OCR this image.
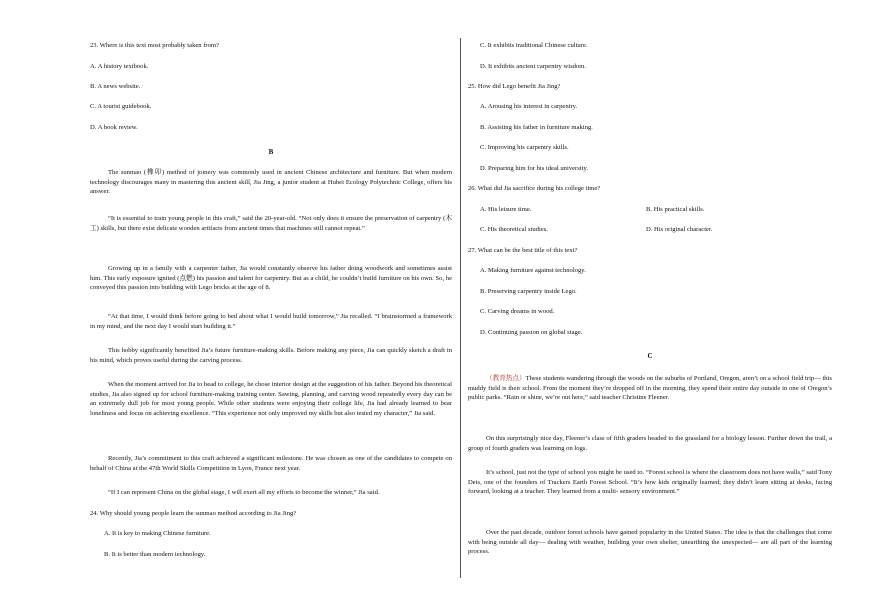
23. Where is this text most probably taken from?
A. A history textbook.
B. A news website.
C. A tourist guidebook.
D. A book review.
B
The sunmao (榫卯) method of joinery was commonly used in ancient Chinese architecture and furniture. But when modern technology discourages many in mastering this ancient skill, Jia Jing, a junior student at Hubei Ecology Polytechnic College, offers his answer.
“It is essential to train young people in this craft,” said the 20-year-old. “Not only does it ensure the preservation of carpentry (木工) skills, but there exist delicate wooden artifacts from ancient times that machines still cannot repeat.”
Growing up in a family with a carpenter father, Jia would constantly observe his father doing woodwork and sometimes assist him. This early exposure ignited (点燃) his passion and talent for carpentry. But as a child, he couldn’t build furniture on his own. So, he conveyed this passion into building with Lego bricks at the age of 8.
“At that time, I would think before going to bed about what I would build tomorrow,” Jia recalled. “I brainstormed a framework in my mind, and the next day I would start building it.”
This hobby significantly benefited Jia’s future furniture-making skills. Before making any piece, Jia can quickly sketch a draft in his mind, which proves useful during the carving process.
When the moment arrived for Jia to head to college, he chose interior design at the suggestion of his father. Beyond his theoretical studies, Jia also signed up for school furniture-making training center. Sawing, planning, and carving wood repeatedly every day can be an extremely dull job for most young people. While other students were enjoying their college life, Jia had already learned to bear loneliness and focus on achieving excellence. “This experience not only improved my skills but also tested my character,” Jia said.
Recently, Jia’s commitment to this craft achieved a significant milestone. He was chosen as one of the candidates to compete on behalf of China at the 47th World Skills Competition in Lyon, France next year.
“If I can represent China on the global stage, I will exert all my efforts to become the winner,” Jia said.
24. Why should young people learn the sunmao method according to Jia Jing?
A. It is key to making Chinese furniture.
B. It is better than modern technology.
C. It exhibits traditional Chinese culture.
D. It exhibits ancient carpentry wisdom.
25. How did Lego benefit Jia Jing?
A. Arousing his interest in carpentry.
B. Assisting his father in furniture making.
C. Improving his carpentry skills.
D. Preparing him for his ideal university.
26. What did Jia sacrifice during his college time?
A. His leisure time.	B. His practical skills.
C. His theoretical studies.	D. His original character.
27. What can be the best title of this text?
A. Making furniture against technology.
B. Preserving carpentry inside Lego.
C. Carving dreams in wood.
D. Continuing passion on global stage.
C
（教育热点）These students wandering through the woods on the suburbs of Portland, Oregon, aren’t on a school field trip— this muddy field is their school. From the moment they’re dropped off in the morning, they spend their entire day outside in one of Oregon’s public parks. “Rain or shine, we’re out here,” said teacher Christine Fleener.
On this surprisingly nice day, Fleener’s class of fifth graders headed to the grassland for a biology lesson. Further down the trail, a group of fourth graders was learning on logs.
It’s school, just not the type of school you might be used to. “Forest school is where the classroom does not have walls,” said Tony Deis, one of the founders of Trackers Earth Forest School. “It’s how kids originally learned; they didn’t learn sitting at desks, facing forward, looking at a teacher. They learned from a multi- sensory environment.”
Over the past decade, outdoor forest schools have gained popularity in the United States. The idea is that the challenges that come with being outside all day— dealing with weather, building your own shelter, unearthing the unexpected— are all part of the learning process.
